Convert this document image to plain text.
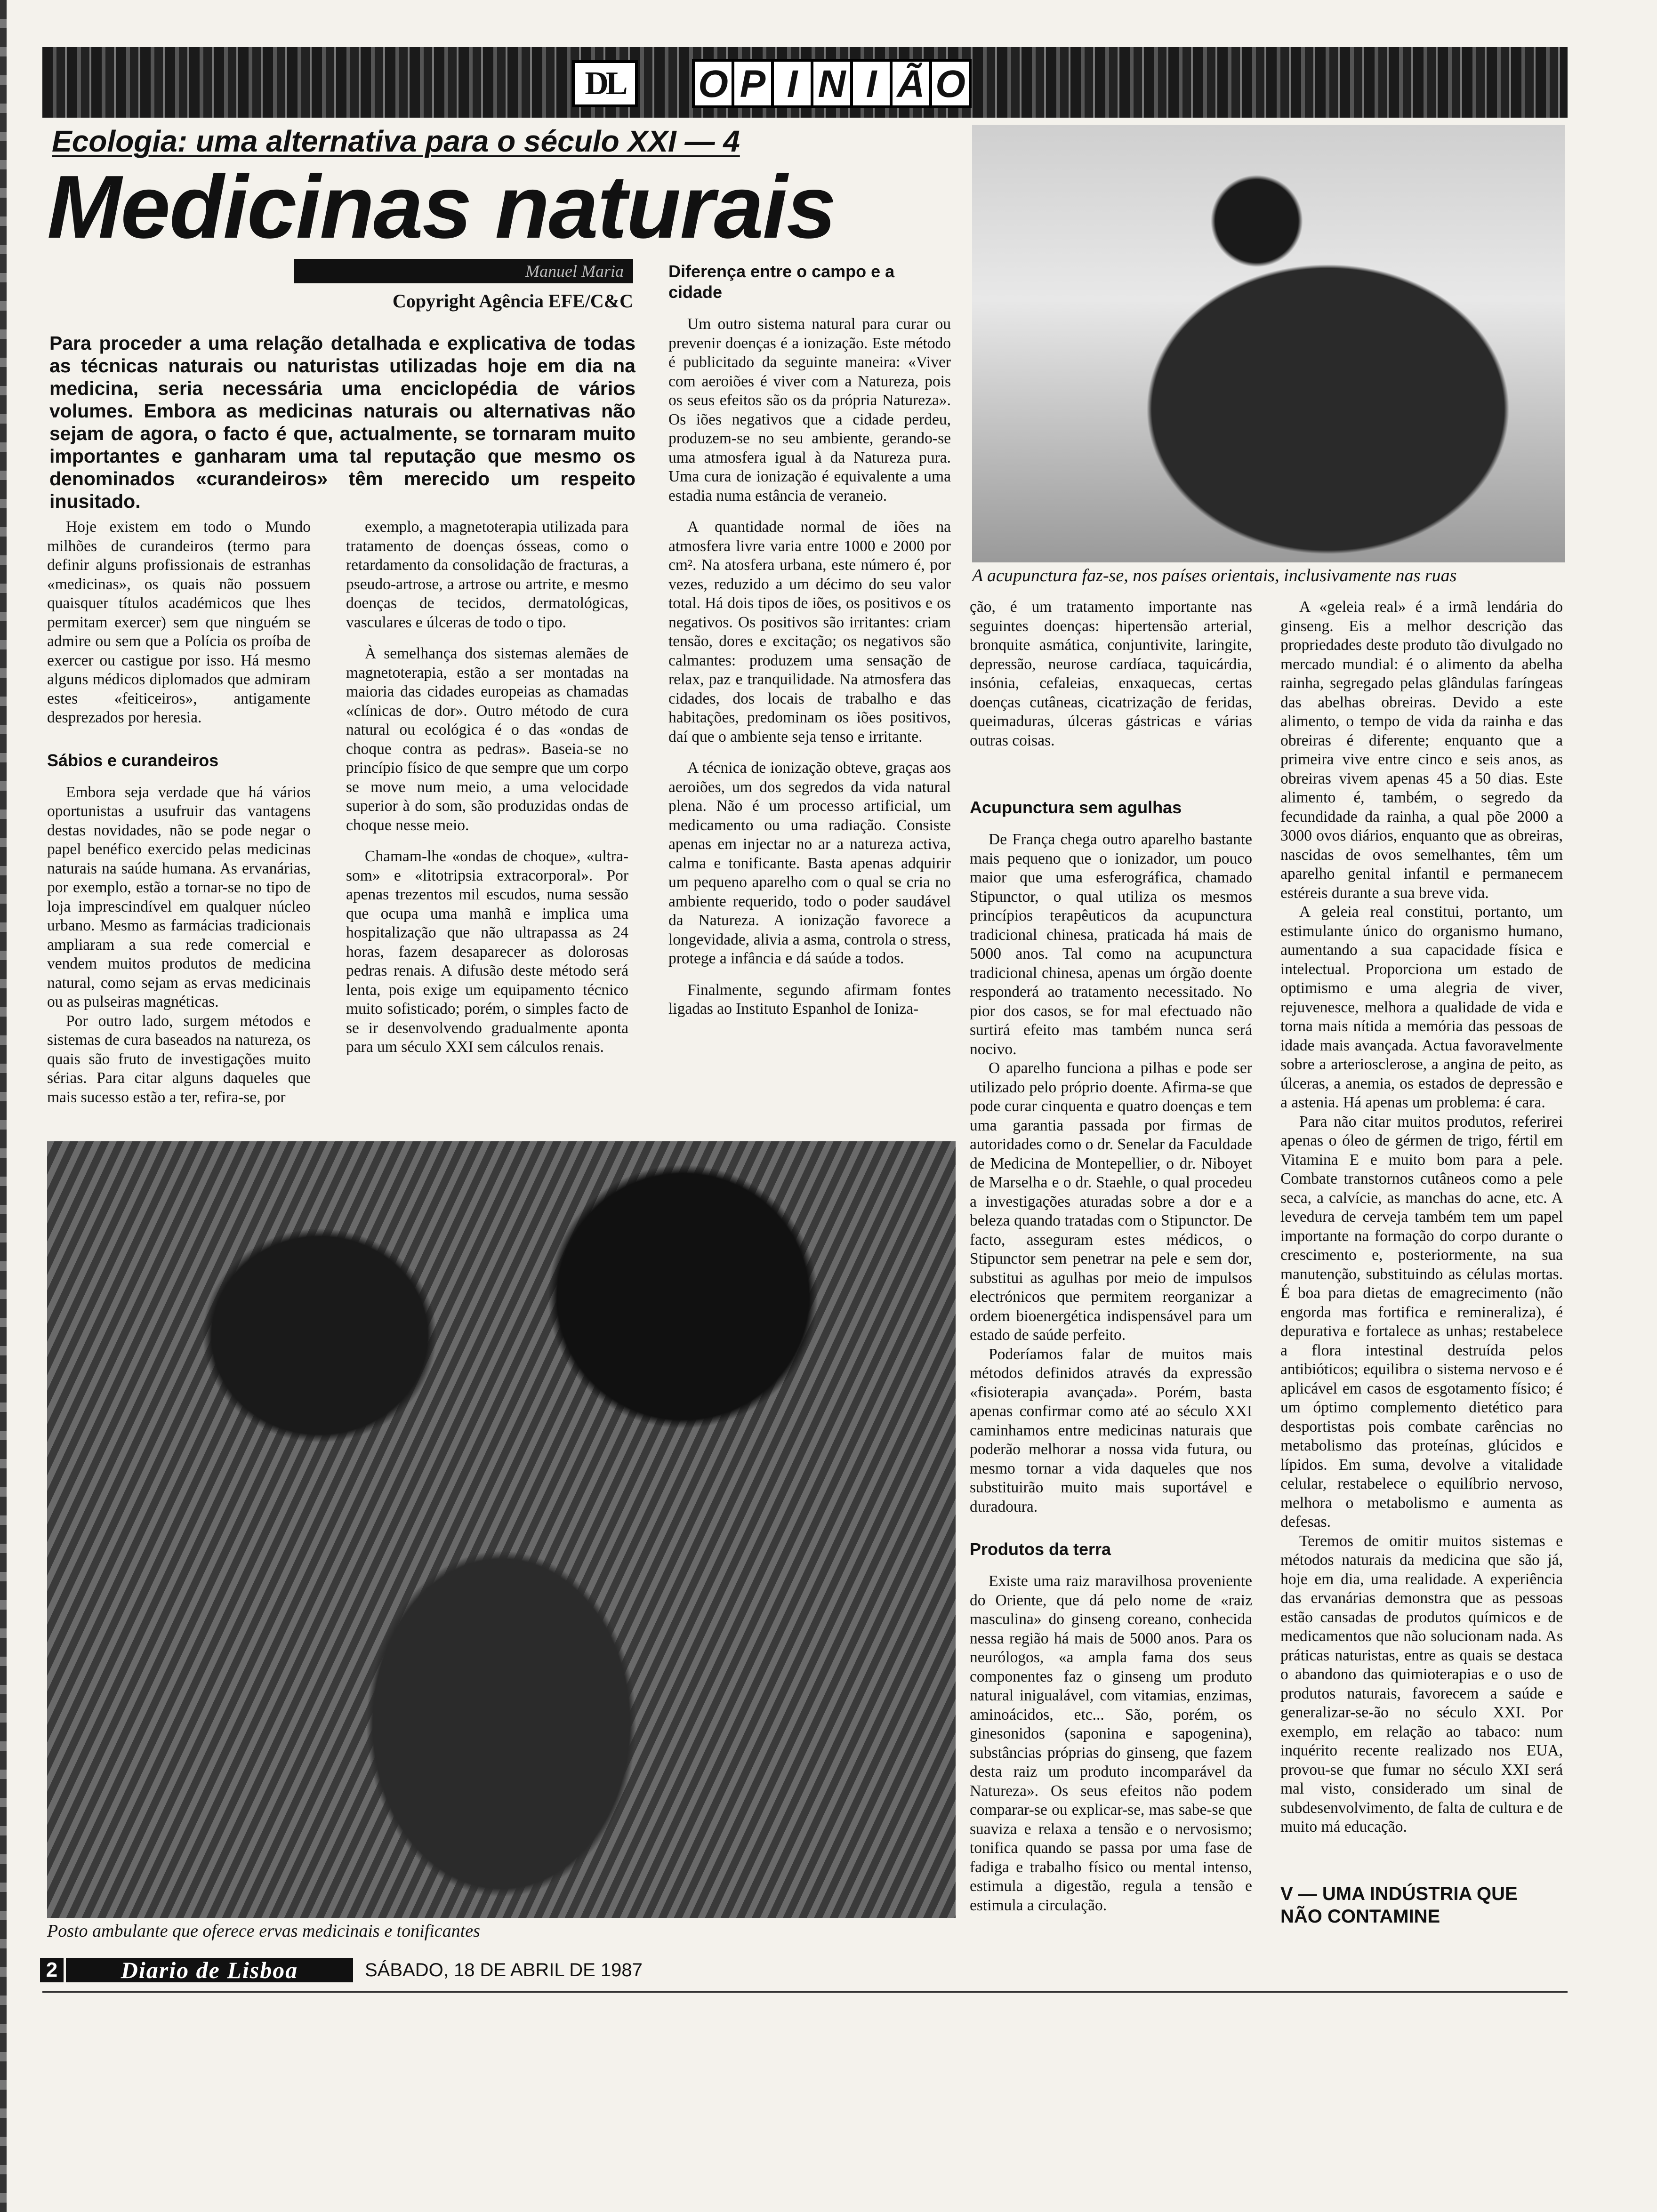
DL	O P I N I Ã O
Ecologia: uma alternativa para o século XXI — 4
Medicinas naturais
Manuel Maria
Copyright Agência EFE/C&C
Para proceder a uma relação detalhada e explicativa de todas as técnicas naturais ou naturistas utilizadas hoje em dia na medicina, seria necessária uma enciclopédia de vários volumes. Embora as medicinas naturais ou alternativas não sejam de agora, o facto é que, actualmente, se tornaram muito importantes e ganharam uma tal reputação que mesmo os denominados «curandeiros» têm merecido um respeito inusitado.

Hoje existem em todo o Mundo milhões de curandeiros (termo para definir alguns profissionais de estranhas «medicinas», os quais não possuem quaisquer títulos académicos que lhes permitam exercer) sem que ninguém se admire ou sem que a Polícia os proíba de exercer ou castigue por isso. Há mesmo alguns médicos diplomados que admiram estes «feiticeiros», antigamente desprezados por heresia.

Sábios e curandeiros

Embora seja verdade que há vários oportunistas a usufruir das vantagens destas novidades, não se pode negar o papel benéfico exercido pelas medicinas naturais na saúde humana. As ervanárias, por exemplo, estão a tornar-se no tipo de loja imprescindível em qualquer núcleo urbano. Mesmo as farmácias tradicionais ampliaram a sua rede comercial e vendem muitos produtos de medicina natural, como sejam as ervas medicinais ou as pulseiras magnéticas.

Por outro lado, surgem métodos e sistemas de cura baseados na natureza, os quais são fruto de investigações muito sérias. Para citar alguns daqueles que mais sucesso estão a ter, refira-se, por

exemplo, a magnetoterapia utilizada para tratamento de doenças ósseas, como o retardamento da consolidação de fracturas, a pseudo-artrose, a artrose ou artrite, e mesmo doenças de tecidos, dermatológicas, vasculares e úlceras de todo o tipo.

À semelhança dos sistemas alemães de magnetoterapia, estão a ser montadas na maioria das cidades europeias as chamadas «clínicas de dor». Outro método de cura natural ou ecológica é o das «ondas de choque contra as pedras». Baseia-se no princípio físico de que sempre que um corpo se move num meio, a uma velocidade superior à do som, são produzidas ondas de choque nesse meio.

Chamam-lhe «ondas de choque», «ultra-som» e «litotripsia extracorporal». Por apenas trezentos mil escudos, numa sessão que ocupa uma manhã e implica uma hospitalização que não ultrapassa as 24 horas, fazem desaparecer as dolorosas pedras renais. A difusão deste método será lenta, pois exige um equipamento técnico muito sofisticado; porém, o simples facto de se ir desenvolvendo gradualmente aponta para um século XXI sem cálculos renais.

Diferença entre o campo e a cidade

Um outro sistema natural para curar ou prevenir doenças é a ionização. Este método é publicitado da seguinte maneira: «Viver com aeroiões é viver com a Natureza, pois os seus efeitos são os da própria Natureza». Os iões negativos que a cidade perdeu, produzem-se no seu ambiente, gerando-se uma atmosfera igual à da Natureza pura. Uma cura de ionização é equivalente a uma estadia numa estância de veraneio.

A quantidade normal de iões na atmosfera livre varia entre 1000 e 2000 por cm². Na atosfera urbana, este número é, por vezes, reduzido a um décimo do seu valor total. Há dois tipos de iões, os positivos e os negativos. Os positivos são irritantes: criam tensão, dores e excitação; os negativos são calmantes: produzem uma sensação de relax, paz e tranquilidade. Na atmosfera das cidades, dos locais de trabalho e das habitações, predominam os iões positivos, daí que o ambiente seja tenso e irritante.

A técnica de ionização obteve, graças aos aeroiões, um dos segredos da vida natural plena. Não é um processo artificial, um medicamento ou uma radiação. Consiste apenas em injectar no ar a natureza activa, calma e tonificante. Basta apenas adquirir um pequeno aparelho com o qual se cria no ambiente requerido, todo o poder saudável da Natureza. A ionização favorece a longevidade, alivia a asma, controla o stress, protege a infância e dá saúde a todos.

Finalmente, segundo afirmam fontes ligadas ao Instituto Espanhol de Ioniza-

A acupunctura faz-se, nos países orientais, inclusivamente nas ruas

ção, é um tratamento importante nas seguintes doenças: hipertensão arterial, bronquite asmática, conjuntivite, laringite, depressão, neurose cardíaca, taquicárdia, insónia, cefaleias, enxaquecas, certas doenças cutâneas, cicatrização de feridas, queimaduras, úlceras gástricas e várias outras coisas.

Acupunctura sem agulhas

De França chega outro aparelho bastante mais pequeno que o ionizador, um pouco maior que uma esferográfica, chamado Stipunctor, o qual utiliza os mesmos princípios terapêuticos da acupunctura tradicional chinesa, praticada há mais de 5000 anos. Tal como na acupunctura tradicional chinesa, apenas um órgão doente responderá ao tratamento necessitado. No pior dos casos, se for mal efectuado não surtirá efeito mas também nunca será nocivo.

O aparelho funciona a pilhas e pode ser utilizado pelo próprio doente. Afirma-se que pode curar cinquenta e quatro doenças e tem uma garantia passada por firmas de autoridades como o dr. Senelar da Faculdade de Medicina de Montepellier, o dr. Niboyet de Marselha e o dr. Staehle, o qual procedeu a investigações aturadas sobre a dor e a beleza quando tratadas com o Stipunctor. De facto, asseguram estes médicos, o Stipunctor sem penetrar na pele e sem dor, substitui as agulhas por meio de impulsos electrónicos que permitem reorganizar a ordem bioenergética indispensável para um estado de saúde perfeito.

Poderíamos falar de muitos mais métodos definidos através da expressão «fisioterapia avançada». Porém, basta apenas confirmar como até ao século XXI caminhamos entre medicinas naturais que poderão melhorar a nossa vida futura, ou mesmo tornar a vida daqueles que nos substituirão muito mais suportável e duradoura.

Produtos da terra

Existe uma raiz maravilhosa proveniente do Oriente, que dá pelo nome de «raiz masculina» do ginseng coreano, conhecida nessa região há mais de 5000 anos. Para os neurólogos, «a ampla fama dos seus componentes faz o ginseng um produto natural inigualável, com vitamias, enzimas, aminoácidos, etc... São, porém, os ginesonidos (saponina e sapogenina), substâncias próprias do ginseng, que fazem desta raiz um produto incomparável da Natureza». Os seus efeitos não podem comparar-se ou explicar-se, mas sabe-se que suaviza e relaxa a tensão e o nervosismo; tonifica quando se passa por uma fase de fadiga e trabalho físico ou mental intenso, estimula a digestão, regula a tensão e estimula a circulação.

A «geleia real» é a irmã lendária do ginseng. Eis a melhor descrição das propriedades deste produto tão divulgado no mercado mundial: é o alimento da abelha rainha, segregado pelas glândulas faríngeas das abelhas obreiras. Devido a este alimento, o tempo de vida da rainha e das obreiras é diferente; enquanto que a primeira vive entre cinco e seis anos, as obreiras vivem apenas 45 a 50 dias. Este alimento é, também, o segredo da fecundidade da rainha, a qual põe 2000 a 3000 ovos diários, enquanto que as obreiras, nascidas de ovos semelhantes, têm um aparelho genital infantil e permanecem estéreis durante a sua breve vida.

A geleia real constitui, portanto, um estimulante único do organismo humano, aumentando a sua capacidade física e intelectual. Proporciona um estado de optimismo e uma alegria de viver, rejuvenesce, melhora a qualidade de vida e torna mais nítida a memória das pessoas de idade mais avançada. Actua favoravelmente sobre a arteriosclerose, a angina de peito, as úlceras, a anemia, os estados de depressão e a astenia. Há apenas um problema: é cara.

Para não citar muitos produtos, referirei apenas o óleo de gérmen de trigo, fértil em Vitamina E e muito bom para a pele. Combate transtornos cutâneos como a pele seca, a calvície, as manchas do acne, etc. A levedura de cerveja também tem um papel importante na formação do corpo durante o crescimento e, posteriormente, na sua manutenção, substituindo as células mortas. É boa para dietas de emagrecimento (não engorda mas fortifica e remineraliza), é depurativa e fortalece as unhas; restabelece a flora intestinal destruída pelos antibióticos; equilibra o sistema nervoso e é aplicável em casos de esgotamento físico; é um óptimo complemento dietético para desportistas pois combate carências no metabolismo das proteínas, glúcidos e lípidos. Em suma, devolve a vitalidade celular, restabelece o equilíbrio nervoso, melhora o metabolismo e aumenta as defesas.

Teremos de omitir muitos sistemas e métodos naturais da medicina que são já, hoje em dia, uma realidade. A experiência das ervanárias demonstra que as pessoas estão cansadas de produtos químicos e de medicamentos que não solucionam nada. As práticas naturistas, entre as quais se destaca o abandono das quimioterapias e o uso de produtos naturais, favorecem a saúde e generalizar-se-ão no século XXI. Por exemplo, em relação ao tabaco: num inquérito recente realizado nos EUA, provou-se que fumar no século XXI será mal visto, considerado um sinal de subdesenvolvimento, de falta de cultura e de muito má educação.

V — UMA INDÚSTRIA QUE NÃO CONTAMINE
Posto ambulante que oferece ervas medicinais e tonificantes
2	Diario de Lisboa	SÁBADO, 18 DE ABRIL DE 1987
